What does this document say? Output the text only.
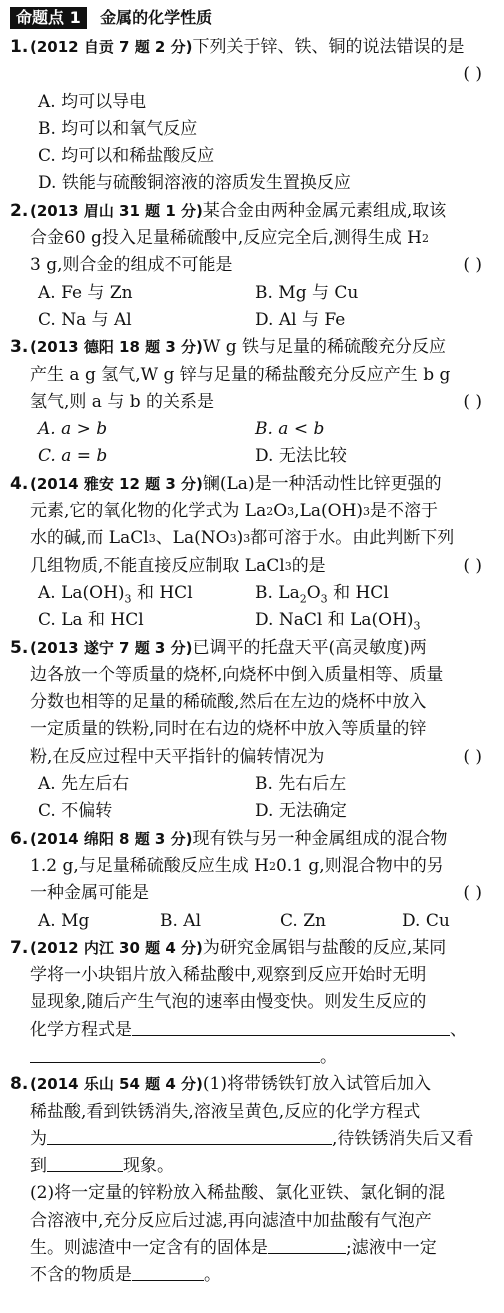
命题点 1 金属的化学性质
1. (2012 自贡 7 题 2 分)下列关于锌、铁、铜的说法错误的是
( )
A. 均可以导电
B. 均可以和氧气反应
C. 均可以和稀盐酸反应
D. 铁能与硫酸铜溶液的溶质发生置换反应
2. (2013 眉山 31 题 1 分)某合金由两种金属元素组成,取该
合金60 g投入足量稀硫酸中,反应完全后,测得生成 H 2
3 g,则合金的组成不可能是	( )
A. Fe 与 Zn	B. Mg 与 Cu
C. Na 与 Al	D. Al 与 Fe
3. (2013 德阳 18 题 3 分)W g 铁与足量的稀硫酸充分反应
产生 a g 氢气,W g 锌与足量的稀盐酸充分反应产生 b g
氢气,则 a 与 b 的关系是	( )
A. a > b	B. a < b
C. a = b	D. 无法比较
4. (2014 雅安 12 题 3 分)镧(La)是一种活动性比锌更强的
元素,它的氧化物的化学式为 La 2 O 3 ,La(OH) 3 是不溶于
水的碱,而 LaCl 3 、La(NO 3 ) 3 都可溶于水。由此判断下列
几组物质,不能直接反应制取 LaCl 3 的是	( )
A. $La(OH)_3$ 和 HCl	B. $La_2O_3$ 和 HCl
C. La 和 HCl	D. NaCl 和 $La(OH)_3$
5. (2013 遂宁 7 题 3 分)已调平的托盘天平(高灵敏度)两
边各放一个等质量的烧杯,向烧杯中倒入质量相等、质量
分数也相等的足量的稀硫酸,然后在左边的烧杯中放入
一定质量的铁粉,同时在右边的烧杯中放入等质量的锌
粉,在反应过程中天平指针的偏转情况为	( )
A. 先左后右	B. 先右后左
C. 不偏转	D. 无法确定
6. (2014 绵阳 8 题 3 分)现有铁与另一种金属组成的混合物
1.2 g,与足量稀硫酸反应生成 H 2 0.1 g,则混合物中的另
一种金属可能是	( )
A. Mg	B. Al	C. Zn	D. Cu
7. (2012 内江 30 题 4 分)为研究金属铝与盐酸的反应,某同
学将一小块铝片放入稀盐酸中,观察到反应开始时无明
显现象,随后产生气泡的速率由慢变快。则发生反应的
化学方程式是	、
。
8. (2014 乐山 54 题 4 分)(1)将带锈铁钉放入试管后加入
稀盐酸,看到铁锈消失,溶液呈黄色,反应的化学方程式
为	,待铁锈消失后又看
到	现象。
(2)将一定量的锌粉放入稀盐酸、氯化亚铁、氯化铜的混
合溶液中,充分反应后过滤,再向滤渣中加盐酸有气泡产
生。则滤渣中一定含有的固体是	;滤液中一定
不含的物质是	。
